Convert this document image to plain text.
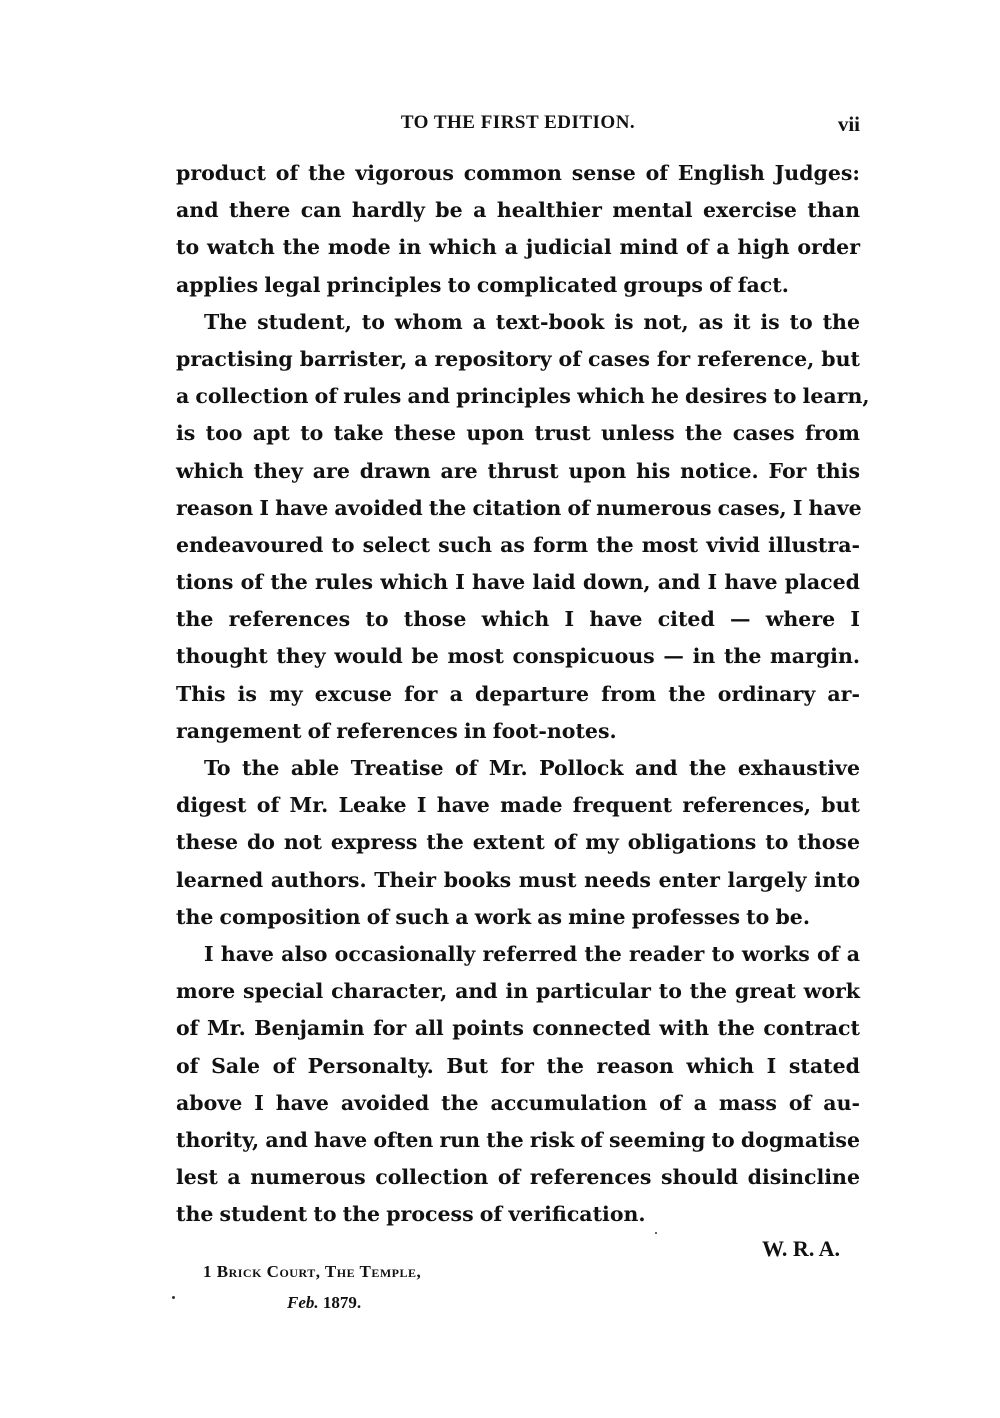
TO THE FIRST EDITION.	vii
product of the vigorous common sense of English Judges:
and there can hardly be a healthier mental exercise than
to watch the mode in which a judicial mind of a high order
applies legal principles to complicated groups of fact.
The student, to whom a text-book is not, as it is to the
practising barrister, a repository of cases for reference, but
a collection of rules and principles which he desires to learn,
is too apt to take these upon trust unless the cases from
which they are drawn are thrust upon his notice. For this
reason I have avoided the citation of numerous cases, I have
endeavoured to select such as form the most vivid illustra-
tions of the rules which I have laid down, and I have placed
the references to those which I have cited — where I
thought they would be most conspicuous — in the margin.
This is my excuse for a departure from the ordinary ar-
rangement of references in foot-notes.
To the able Treatise of Mr. Pollock and the exhaustive
digest of Mr. Leake I have made frequent references, but
these do not express the extent of my obligations to those
learned authors. Their books must needs enter largely into
the composition of such a work as mine professes to be.
I have also occasionally referred the reader to works of a
more special character, and in particular to the great work
of Mr. Benjamin for all points connected with the contract
of Sale of Personalty. But for the reason which I stated
above I have avoided the accumulation of a mass of au-
thority, and have often run the risk of seeming to dogmatise
lest a numerous collection of references should disincline
the student to the process of verification.
W. R. A.
1 Brick Court, The Temple,
Feb. 1879.
